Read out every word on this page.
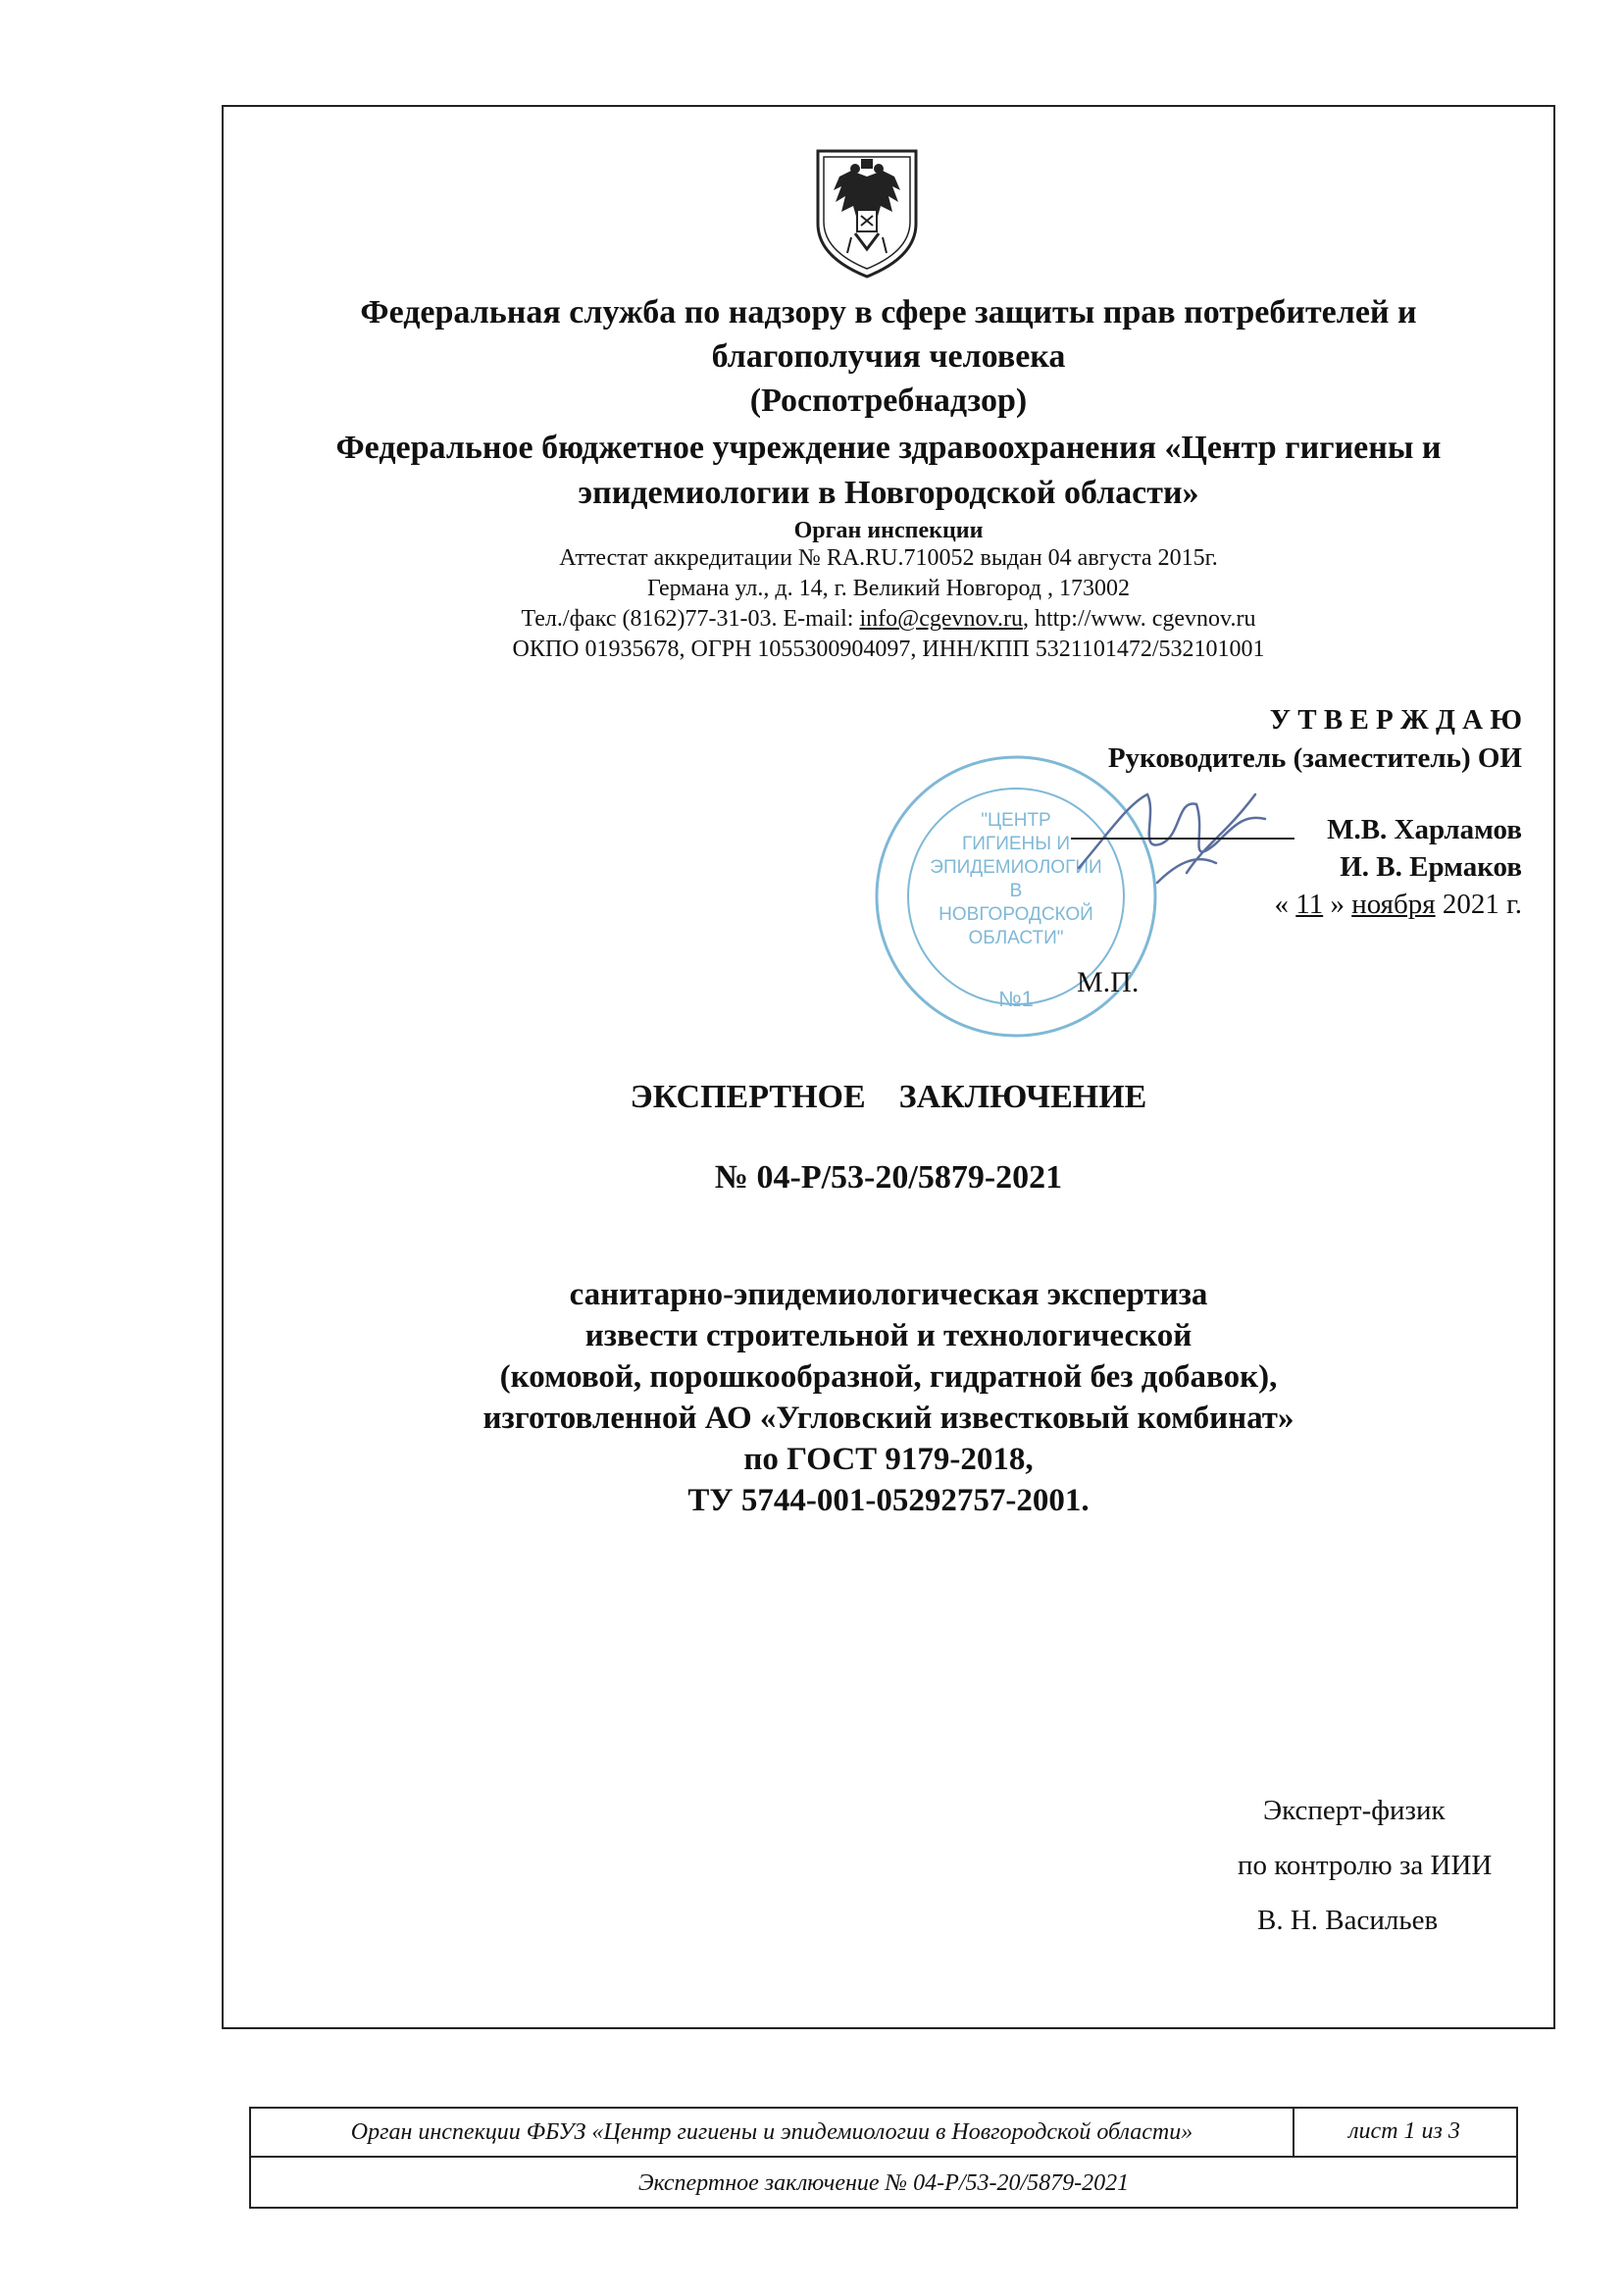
Федеральная служба по надзору в сфере защиты прав потребителей и
благополучия человека
(Роспотребнадзор)
Федеральное бюджетное учреждение здравоохранения «Центр гигиены и
эпидемиологии в Новгородской области»
Орган инспекции
Аттестат аккредитации № RA.RU.710052 выдан 04 августа 2015г.
Германа ул., д. 14, г. Великий Новгород , 173002
Тел./факс (8162)77-31-03. E-mail: info@cgevnov.ru, http://www. cgevnov.ru
ОКПО 01935678, ОГРН 1055300904097, ИНН/КПП 5321101472/532101001
У Т В Е Р Ж Д А Ю
Руководитель (заместитель) ОИ
"ЦЕНТР
ГИГИЕНЫ И
ЭПИДЕМИОЛОГИИ
В
НОВГОРОДСКОЙ
ОБЛАСТИ"
№1
М.В. Харламов
И. В. Ермаков
« 11 » ноября 2021 г.
М.П.
ЭКСПЕРТНОЕ    ЗАКЛЮЧЕНИЕ
№ 04-Р/53-20/5879-2021
санитарно-эпидемиологическая экспертиза
извести строительной и технологической
(комовой, порошкообразной, гидратной без добавок),
изготовленной АО «Угловский известковый комбинат»
по ГОСТ 9179-2018,
ТУ 5744-001-05292757-2001.
Эксперт-физик
по контролю за ИИИ
В. Н. Васильев
Орган инспекции ФБУЗ «Центр гигиены и эпидемиологии в Новгородской области»	лист 1 из 3
Экспертное заключение № 04-Р/53-20/5879-2021
